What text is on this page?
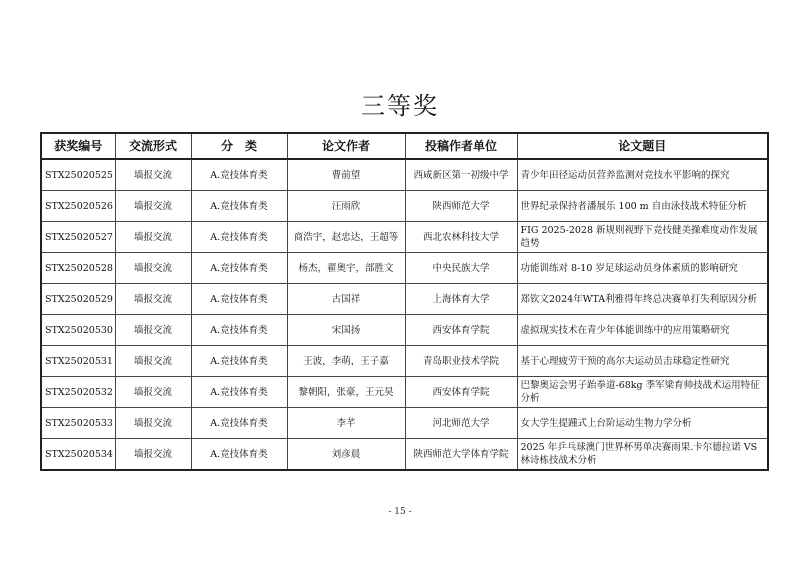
三等奖
获奖编号	交流形式	分　类	论文作者	投稿作者单位	论文题目
STX25020525	墙报交流	A.竞技体育类	曹前望	西咸新区第一初级中学	青少年田径运动员营养监测对竞技水平影响的探究
STX25020526	墙报交流	A.竞技体育类	汪雨欣	陕西师范大学	世界纪录保持者潘展乐 100 m 自由泳技战术特征分析
STX25020527	墙报交流	A.竞技体育类	商浩宇，赵忠达，王超等	西北农林科技大学	FIG 2025-2028 新规则视野下竞技健美操难度动作发展趋势
STX25020528	墙报交流	A.竞技体育类	杨杰，翟奥宇，部胜文	中央民族大学	功能训练对 8-10 岁足球运动员身体素质的影响研究
STX25020529	墙报交流	A.竞技体育类	古国祥	上海体育大学	郑钦文2024年WTA利雅得年终总决赛单打失利原因分析
STX25020530	墙报交流	A.竞技体育类	宋国扬	西安体育学院	虚拟现实技术在青少年体能训练中的应用策略研究
STX25020531	墙报交流	A.竞技体育类	王波，李萌，王子嘉	青岛职业技术学院	基于心理疲劳干预的高尔夫运动员击球稳定性研究
STX25020532	墙报交流	A.竞技体育类	黎朝阳，张豪，王元昊	西安体育学院	巴黎奥运会男子跆拳道-68kg 季军梁育帅技战术运用特征分析
STX25020533	墙报交流	A.竞技体育类	李芊	河北师范大学	女大学生提踵式上台阶运动生物力学分析
STX25020534	墙报交流	A.竞技体育类	刘彦晨	陕西师范大学体育学院	2025 年乒乓球澳门世界杯男单决赛雨果.卡尔德拉诺 VS 林诗栋技战术分析
- 15 -
